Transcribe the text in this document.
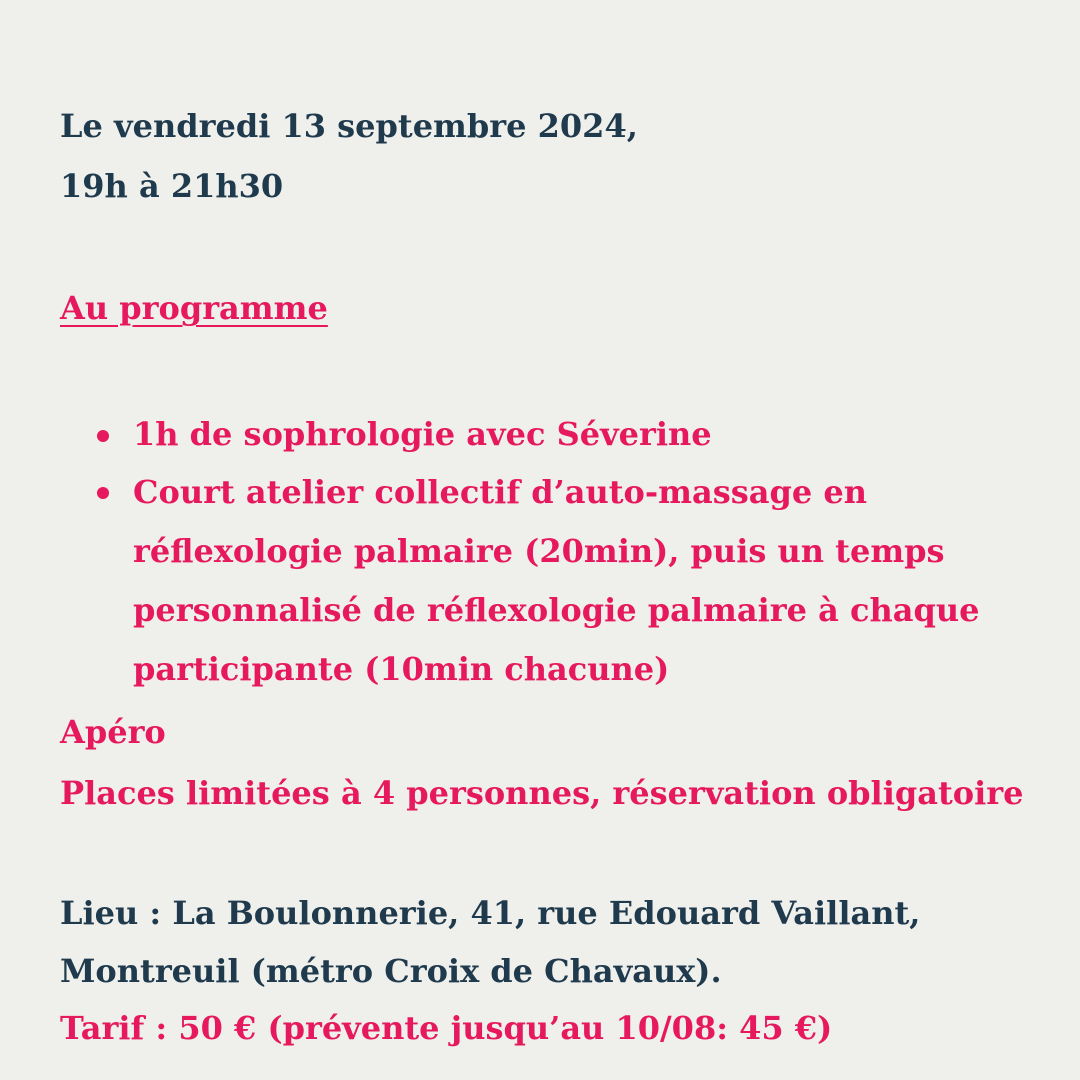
Le vendredi 13 septembre 2024,

19h à 21h30

Au programme

1h de sophrologie avec Séverine

Court atelier collectif d’auto-massage en

réflexologie palmaire (20min), puis un temps

personnalisé de réflexologie palmaire à chaque

participante (10min chacune)

Apéro

Places limitées à 4 personnes, réservation obligatoire

Lieu : La Boulonnerie, 41, rue Edouard Vaillant,

Montreuil (métro Croix de Chavaux).

Tarif : 50 € (prévente jusqu’au 10/08: 45 €)
